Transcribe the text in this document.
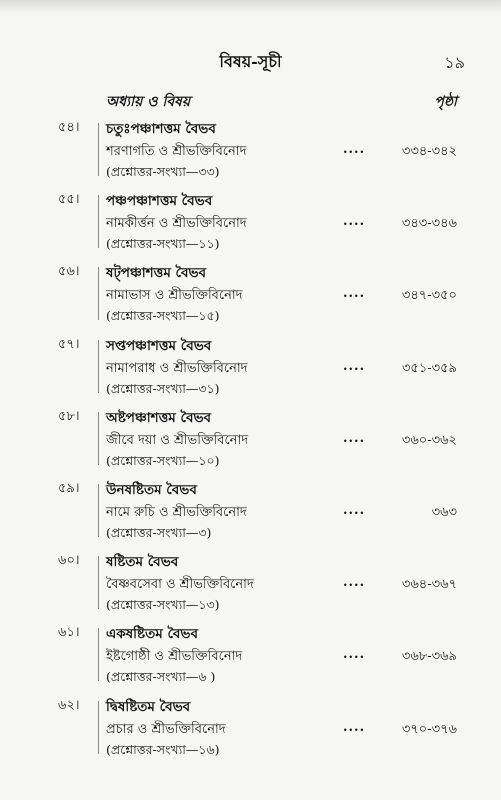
বিষয়-সূচী	১৯
অধ্যায় ও বিষয়	পৃষ্ঠা
৫৪। চতুঃপঞ্চাশত্তম বৈভব
শরণাগতি ও শ্রীভক্তিবিনোদ	....	৩৩৪-৩৪২
(প্রশ্নোত্তর-সংখ্যা—৩৩)
৫৫। পঞ্চপঞ্চাশত্তম বৈভব
নামকীর্ত্তন ও শ্রীভক্তিবিনোদ	....	৩৪৩-৩৪৬
(প্রশ্নোত্তর-সংখ্যা—১১)
৫৬। ষট্পঞ্চাশত্তম বৈভব
নামাভাস ও শ্রীভক্তিবিনোদ	....	৩৪৭-৩৫০
(প্রশ্নোত্তর-সংখ্যা—১৫)
৫৭। সপ্তপঞ্চাশত্তম বৈভব
নামাপরাধ ও শ্রীভক্তিবিনোদ	....	৩৫১-৩৫৯
(প্রশ্নোত্তর-সংখ্যা—৩১)
৫৮। অষ্টপঞ্চাশত্তম বৈভব
জীবে দয়া ও শ্রীভক্তিবিনোদ	....	৩৬০-৩৬২
(প্রশ্নোত্তর-সংখ্যা—১০)
৫৯। উনষষ্টিতম বৈভব
নামে রুচি ও শ্রীভক্তিবিনোদ	....	৩৬৩
(প্রশ্নোত্তর-সংখ্যা—৩)
৬০। ষষ্টিতম বৈভব
বৈষ্ণবসেবা ও শ্রীভক্তিবিনোদ	....	৩৬৪-৩৬৭
(প্রশ্নোত্তর-সংখ্যা—১৩)
৬১। একষষ্টিতম বৈভব
ইষ্টগোষ্ঠী ও শ্রীভক্তিবিনোদ	....	৩৬৮-৩৬৯
(প্রশ্নোত্তর-সংখ্যা—৬ )
৬২। দ্বিষষ্টিতম বৈভব
প্রচার ও শ্রীভক্তিবিনোদ	....	৩৭০-৩৭৬
(প্রশ্নোত্তর-সংখ্যা—১৬)
